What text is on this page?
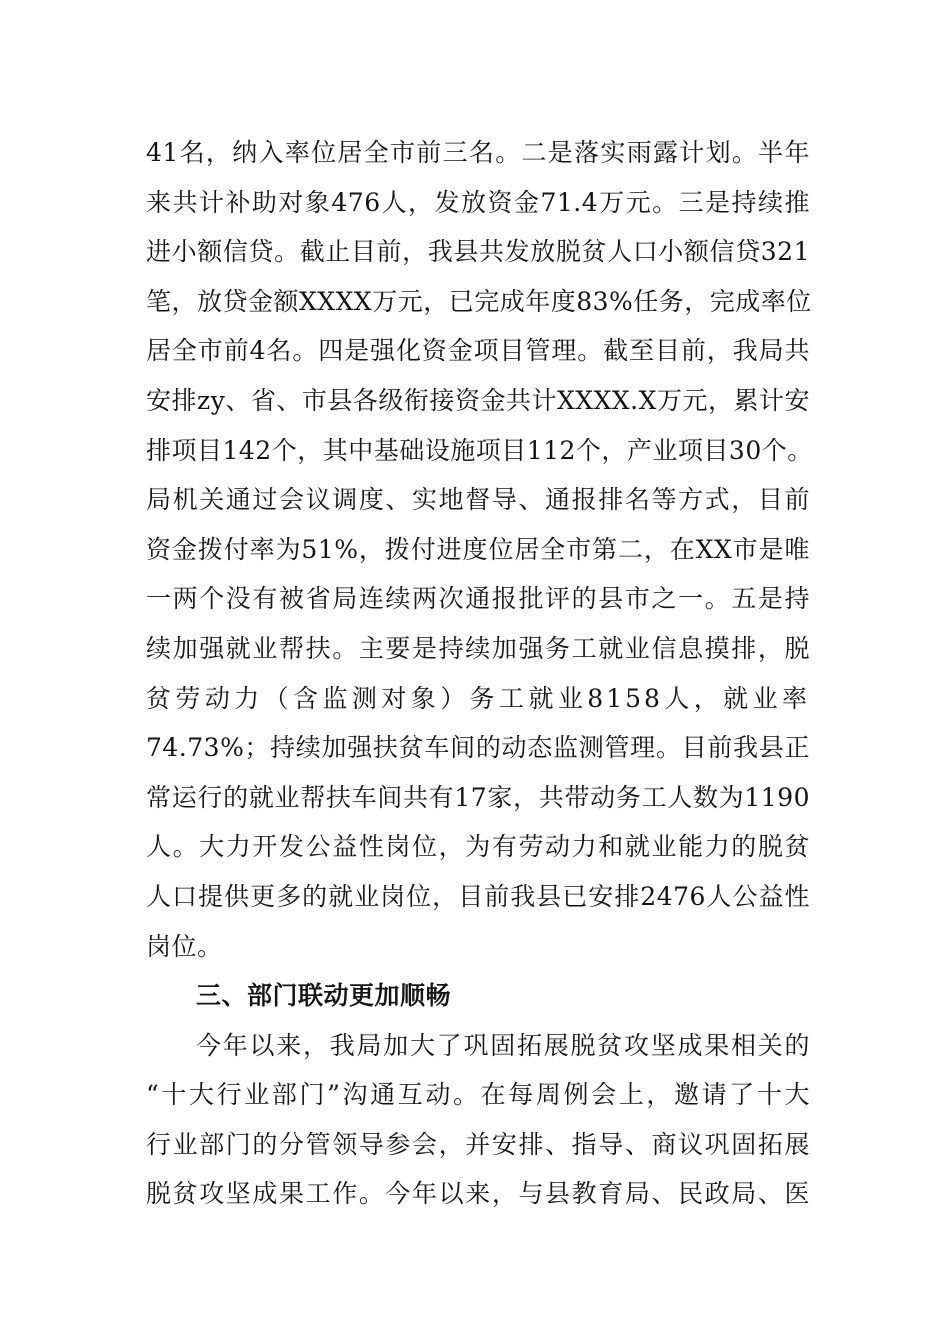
41名，纳入率位居全市前三名。二是落实雨露计划。半年
来共计补助对象476人，发放资金71.4万元。三是持续推
进小额信贷。截止目前，我县共发放脱贫人口小额信贷321
笔，放贷金额XXXX万元，已完成年度83%任务，完成率位
居全市前4名。四是强化资金项目管理。截至目前，我局共
安排zy、省、市县各级衔接资金共计XXXX.X万元，累计安
排项目142个，其中基础设施项目112个，产业项目30个。
局机关通过会议调度、实地督导、通报排名等方式，目前
资金拨付率为51%，拨付进度位居全市第二，在XX市是唯
一两个没有被省局连续两次通报批评的县市之一。五是持
续加强就业帮扶。主要是持续加强务工就业信息摸排，脱
贫劳动力（含监测对象）务工就业8158人，就业率
74.73%；持续加强扶贫车间的动态监测管理。目前我县正
常运行的就业帮扶车间共有17家，共带动务工人数为1190
人。大力开发公益性岗位，为有劳动力和就业能力的脱贫
人口提供更多的就业岗位，目前我县已安排2476人公益性
岗位。
三、部门联动更加顺畅
今年以来，我局加大了巩固拓展脱贫攻坚成果相关的
“十大行业部门”沟通互动。在每周例会上，邀请了十大
行业部门的分管领导参会，并安排、指导、商议巩固拓展
脱贫攻坚成果工作。今年以来，与县教育局、民政局、医
